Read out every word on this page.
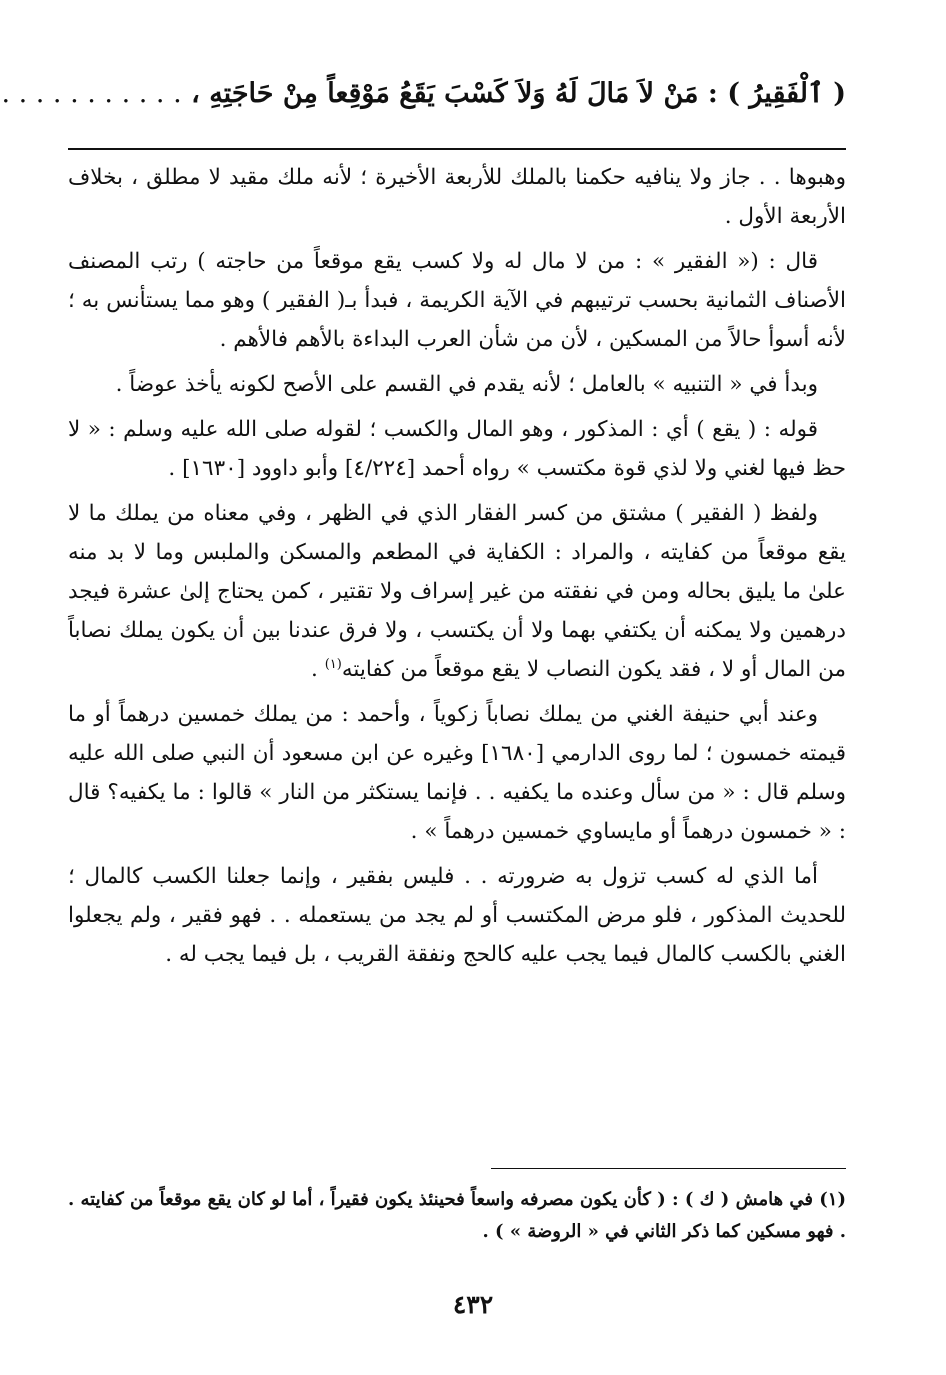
( ٱلْفَقِيرُ ) : مَنْ لاَ مَالَ لَهُ وَلاَ كَسْبَ يَقَعُ مَوْقِعاً مِنْ حَاجَتِهِ ، . . . . . . . . . . .

وهبوها . . جاز ولا ينافيه حكمنا بالملك للأربعة الأخيرة ؛ لأنه ملك مقيد لا مطلق ، بخلاف الأربعة الأول .

قال : (« الفقير » : من لا مال له ولا كسب يقع موقعاً من حاجته ) رتب المصنف الأصناف الثمانية بحسب ترتيبهم في الآية الكريمة ، فبدأ بـ( الفقير ) وهو مما يستأنس به ؛ لأنه أسوأ حالاً من المسكين ، لأن من شأن العرب البداءة بالأهم فالأهم .

وبدأ في « التنبيه » بالعامل ؛ لأنه يقدم في القسم على الأصح لكونه يأخذ عوضاً .

قوله : ( يقع ) أي : المذكور ، وهو المال والكسب ؛ لقوله صلى الله عليه وسلم : « لا حظ فيها لغني ولا لذي قوة مكتسب » رواه أحمد [٤/٢٢٤] وأبو داوود [١٦٣٠] .

ولفظ ( الفقير ) مشتق من كسر الفقار الذي في الظهر ، وفي معناه من يملك ما لا يقع موقعاً من كفايته ، والمراد : الكفاية في المطعم والمسكن والملبس وما لا بد منه علىٰ ما يليق بحاله ومن في نفقته من غير إسراف ولا تقتير ، كمن يحتاج إلىٰ عشرة فيجد درهمين ولا يمكنه أن يكتفي بهما ولا أن يكتسب ، ولا فرق عندنا بين أن يكون يملك نصاباً من المال أو لا ، فقد يكون النصاب لا يقع موقعاً من كفايته$^{(١)}$ .

وعند أبي حنيفة الغني من يملك نصاباً زكوياً ، وأحمد : من يملك خمسين درهماً أو ما قيمته خمسون ؛ لما روى الدارمي [١٦٨٠] وغيره عن ابن مسعود أن النبي صلى الله عليه وسلم قال : « من سأل وعنده ما يكفيه . . فإنما يستكثر من النار » قالوا : ما يكفيه؟ قال : « خمسون درهماً أو مايساوي خمسين درهماً » .

أما الذي له كسب تزول به ضرورته . . فليس بفقير ، وإنما جعلنا الكسب كالمال ؛ للحديث المذكور ، فلو مرض المكتسب أو لم يجد من يستعمله . . فهو فقير ، ولم يجعلوا الغني بالكسب كالمال فيما يجب عليه كالحج ونفقة القريب ، بل فيما يجب له .

(١) في هامش ( ك ) : ( كأن يكون مصرفه واسعاً فحينئذ يكون فقيراً ، أما لو كان يقع موقعاً من كفايته . . فهو مسكين كما ذكر الثاني في « الروضة » ) .
٤٣٢
